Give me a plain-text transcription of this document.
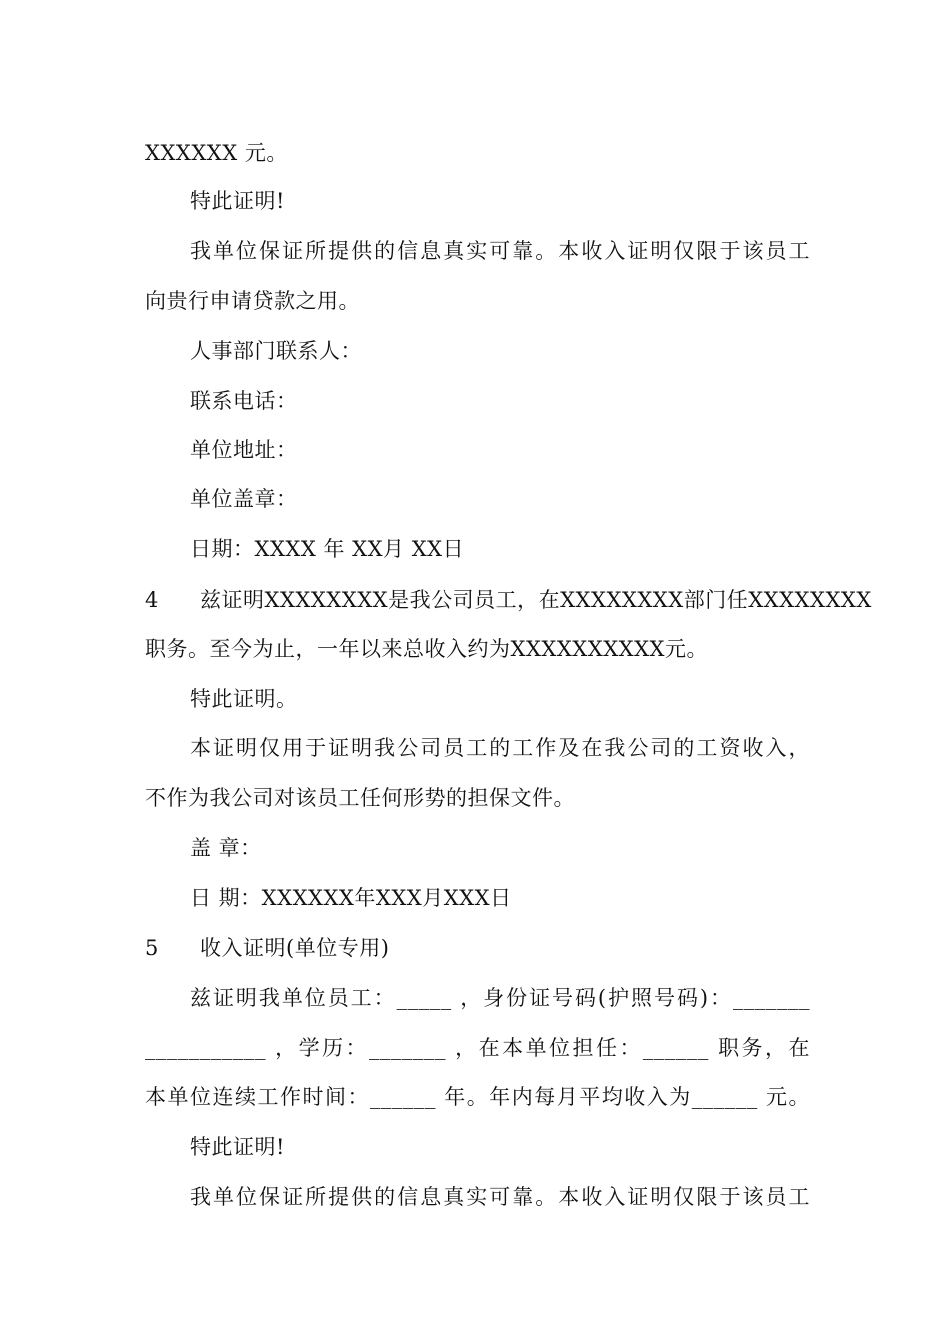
XXXXXX 元。
特此证明!
我单位保证所提供的信息真实可靠。本收入证明仅限于该员工
向贵行申请贷款之用。
人事部门联系人：
联系电话：
单位地址：
单位盖章：
日期：XXXX 年 XX月 XX日
4	兹证明XXXXXXXX是我公司员工，在XXXXXXXX部门任XXXXXXXX
职务。至今为止，一年以来总收入约为XXXXXXXXXX元。
特此证明。
本证明仅用于证明我公司员工的工作及在我公司的工资收入，
不作为我公司对该员工任何形势的担保文件。
盖 章：
日 期：XXXXXX年XXX月XXX日
5	收入证明(单位专用)
兹证明我单位员工：_____ ，身份证号码(护照号码)：_______
___________ ，学历：_______ ，在本单位担任：______ 职务，在
本单位连续工作时间：______ 年。年内每月平均收入为______ 元。
特此证明!
我单位保证所提供的信息真实可靠。本收入证明仅限于该员工
